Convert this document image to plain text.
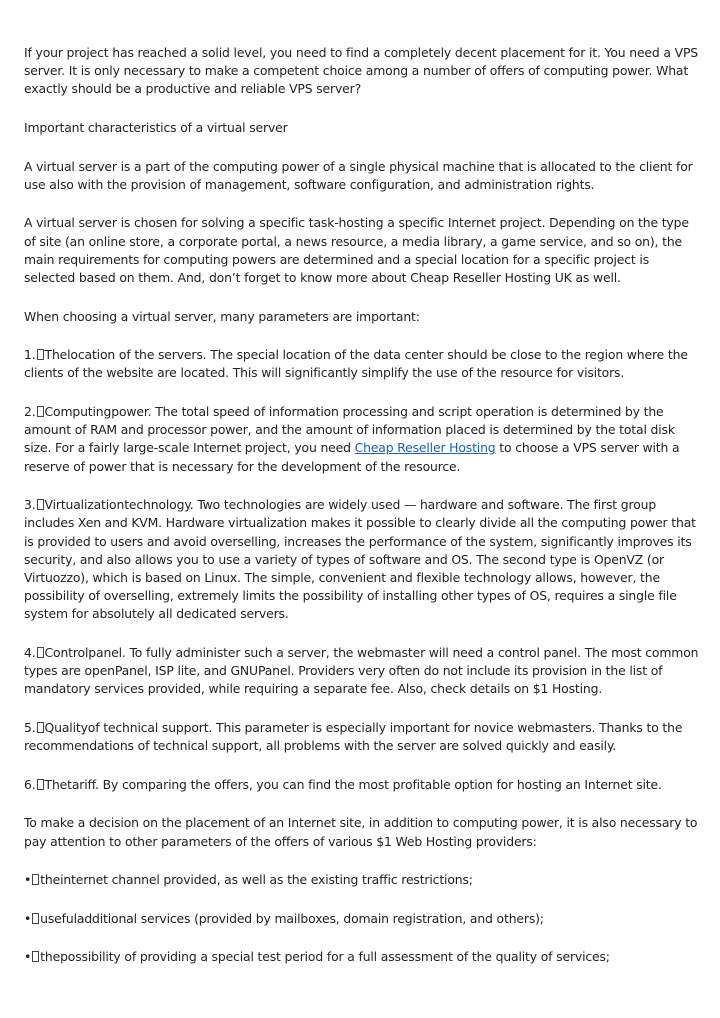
If your project has reached a solid level, you need to find a completely decent placement for it. You need a VPS server. It is only necessary to make a competent choice among a number of offers of computing power. What exactly should be a productive and reliable VPS server?

Important characteristics of a virtual server

A virtual server is a part of the computing power of a single physical machine that is allocated to the client for use also with the provision of management, software configuration, and administration rights.

A virtual server is chosen for solving a specific task-hosting a specific Internet project. Depending on the type of site (an online store, a corporate portal, a news resource, a media library, a game service, and so on), the main requirements for computing powers are determined and a special location for a specific project is selected based on them. And, don’t forget to know more about Cheap Reseller Hosting UK as well.

When choosing a virtual server, many parameters are important:

1. Thelocation of the servers. The special location of the data center should be close to the region where the clients of the website are located. This will significantly simplify the use of the resource for visitors.

2. Computingpower. The total speed of information processing and script operation is determined by the amount of RAM and processor power, and the amount of information placed is determined by the total disk size. For a fairly large-scale Internet project, you need Cheap Reseller Hosting to choose a VPS server with a reserve of power that is necessary for the development of the resource.

3. Virtualizationtechnology. Two technologies are widely used — hardware and software. The first group includes Xen and KVM. Hardware virtualization makes it possible to clearly divide all the computing power that is provided to users and avoid overselling, increases the performance of the system, significantly improves its security, and also allows you to use a variety of types of software and OS. The second type is OpenVZ (or Virtuozzo), which is based on Linux. The simple, convenient and flexible technology allows, however, the possibility of overselling, extremely limits the possibility of installing other types of OS, requires a single file system for absolutely all dedicated servers.

4. Controlpanel. To fully administer such a server, the webmaster will need a control panel. The most common types are openPanel, ISP lite, and GNUPanel. Providers very often do not include its provision in the list of mandatory services provided, while requiring a separate fee. Also, check details on $1 Hosting.

5. Qualityof technical support. This parameter is especially important for novice webmasters. Thanks to the recommendations of technical support, all problems with the server are solved quickly and easily.

6. Thetariff. By comparing the offers, you can find the most profitable option for hosting an Internet site.

To make a decision on the placement of an Internet site, in addition to computing power, it is also necessary to pay attention to other parameters of the offers of various $1 Web Hosting providers:

• theinternet channel provided, as well as the existing traffic restrictions;

• usefuladditional services (provided by mailboxes, domain registration, and others);

• thepossibility of providing a special test period for a full assessment of the quality of services;
